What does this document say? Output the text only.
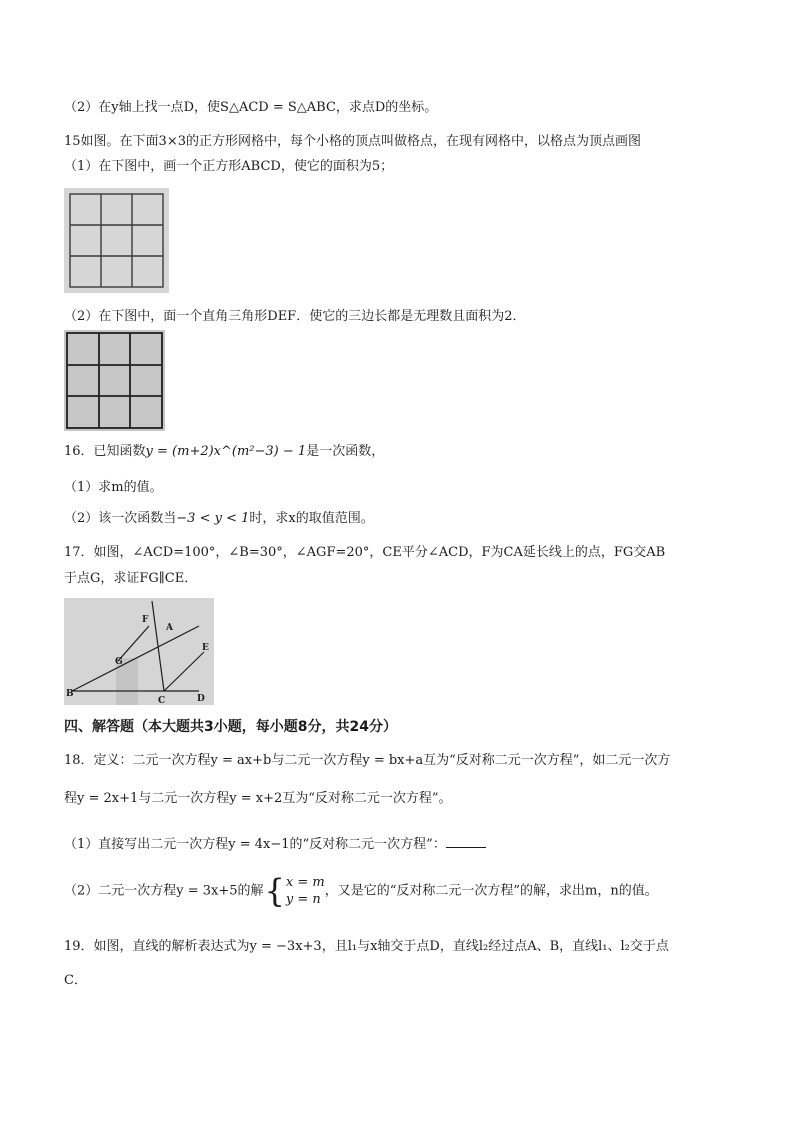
（2）在y轴上找一点D，使S△ACD = S△ABC，求点D的坐标。
15如图。在下面3×3的正方形网格中，每个小格的顶点叫做格点，在现有网格中，以格点为顶点画图
（1）在下图中，画一个正方形ABCD，使它的面积为5；
（2）在下图中，面一个直角三角形DEF．使它的三边长都是无理数且面积为2．
16．已知函数y = (m+2)x^(m²−3) − 1是一次函数，
（1）求m的值。
（2）该一次函数当−3 < y < 1时，求x的取值范围。
17．如图，∠ACD=100°，∠B=30°，∠AGF=20°，CE平分∠ACD，F为CA延长线上的点，FG交AB
于点G，求证FG∥CE．
F
A
G
E
B
C	D
四、解答题（本大题共3小题，每小题8分，共24分）
18．定义：二元一次方程y = ax+b与二元一次方程y = bx+a互为“反对称二元一次方程”，如二元一次方
程y = 2x+1与二元一次方程y = x+2互为“反对称二元一次方程”。
（1）直接写出二元一次方程y = 4x−1的“反对称二元一次方程”：
（2）二元一次方程y = 3x+5的解{x = m
y = n，又是它的“反对称二元一次方程”的解，求出m，n的值。
19．如图，直线的解析表达式为y = −3x+3，且l₁与x轴交于点D，直线l₂经过点A、B，直线l₁、l₂交于点
C．
